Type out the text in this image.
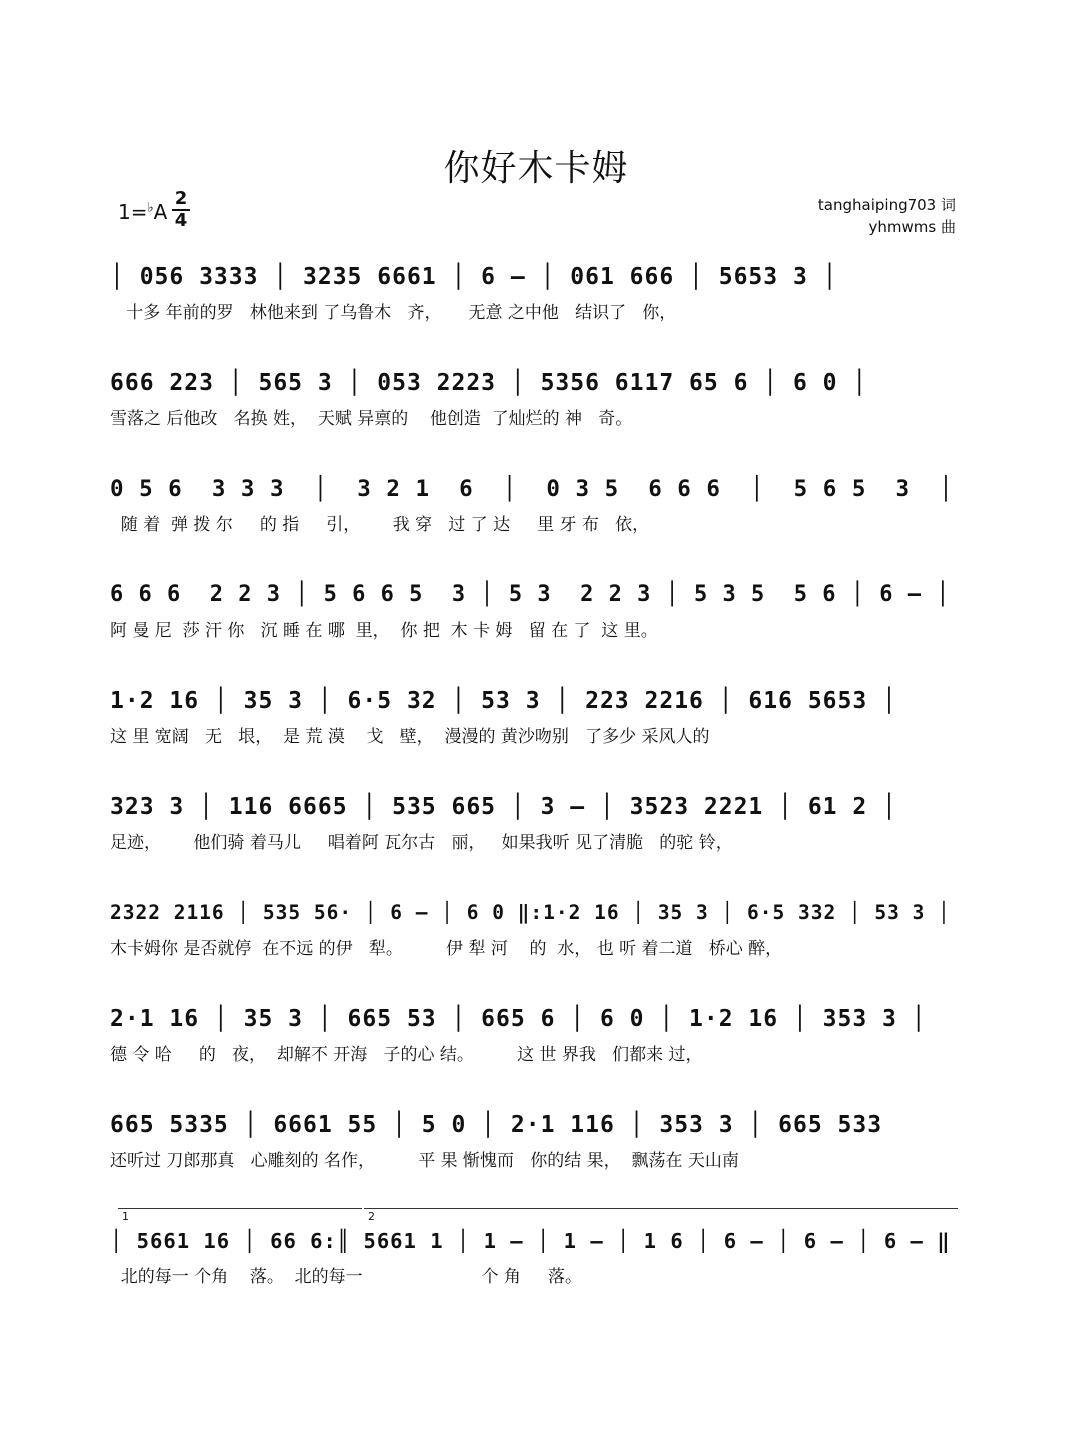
你好木卡姆
1=♭A
2
4
tanghaiping703 词
yhmwms 曲
│ 056 3333 │ 3235 6661 │ 6 – │ 061 666 │ 5653 3 │
十多 年前的罗   林他来到 了乌鲁木   齐，     无意 之中他   结识了   你，
666 223 │ 565 3 │ 053 2223 │ 5356 6117 65 6 │ 6 0 │
雪落之 后他改   名换 姓，  天赋 异禀的    他创造  了灿烂的 神   奇。
0 5 6  3 3 3  │  3 2 1  6  │  0 3 5  6 6 6  │  5 6 5  3  │
随 着  弹 拨 尔     的 指     引，      我 穿   过 了 达     里 牙 布   依，
6 6 6  2 2 3 │ 5 6 6 5  3 │ 5 3  2 2 3 │ 5 3 5  5 6 │ 6 – │
阿 曼 尼  莎 汗 你   沉 睡 在 哪  里，  你 把  木 卡 姆   留 在 了  这 里。
1·2 16 │ 35 3 │ 6·5 32 │ 53 3 │ 223 2216 │ 616 5653 │
这 里 宽阔   无   垠，  是 荒 漠    戈   壁，  漫漫的 黄沙吻别   了多少 采风人的
323 3 │ 116 6665 │ 535 665 │ 3 – │ 3523 2221 │ 61 2 │
足迹，      他们骑 着马儿     唱着阿 瓦尔古   丽，   如果我听 见了清脆   的驼 铃，
2322 2116 │ 535 56· │ 6 – │ 6 0 ‖:1·2 16 │ 35 3 │ 6·5 332 │ 53 3 │
木卡姆你 是否就停  在不远 的伊   犁。        伊 犁 河    的  水， 也 听 着二道   桥心 醉，
2·1 16 │ 35 3 │ 665 53 │ 665 6 │ 6 0 │ 1·2 16 │ 353 3 │
德 令 哈     的   夜，  却解不 开海   子的心 结。        这 世 界我   们都来 过，
665 5335 │ 6661 55 │ 5 0 │ 2·1 116 │ 353 3 │ 665 533
还听过 刀郎那真   心雕刻的 名作，        平 果 惭愧而   你的结 果，  飘荡在 天山南
│ 5661 16 │ 66 6:║ 5661 1 │ 1 – │ 1 – │ 1 6 │ 6 – │ 6 – │ 6 – ‖
北的每一 个角    落。  北的每一                      个 角     落。
1	2
